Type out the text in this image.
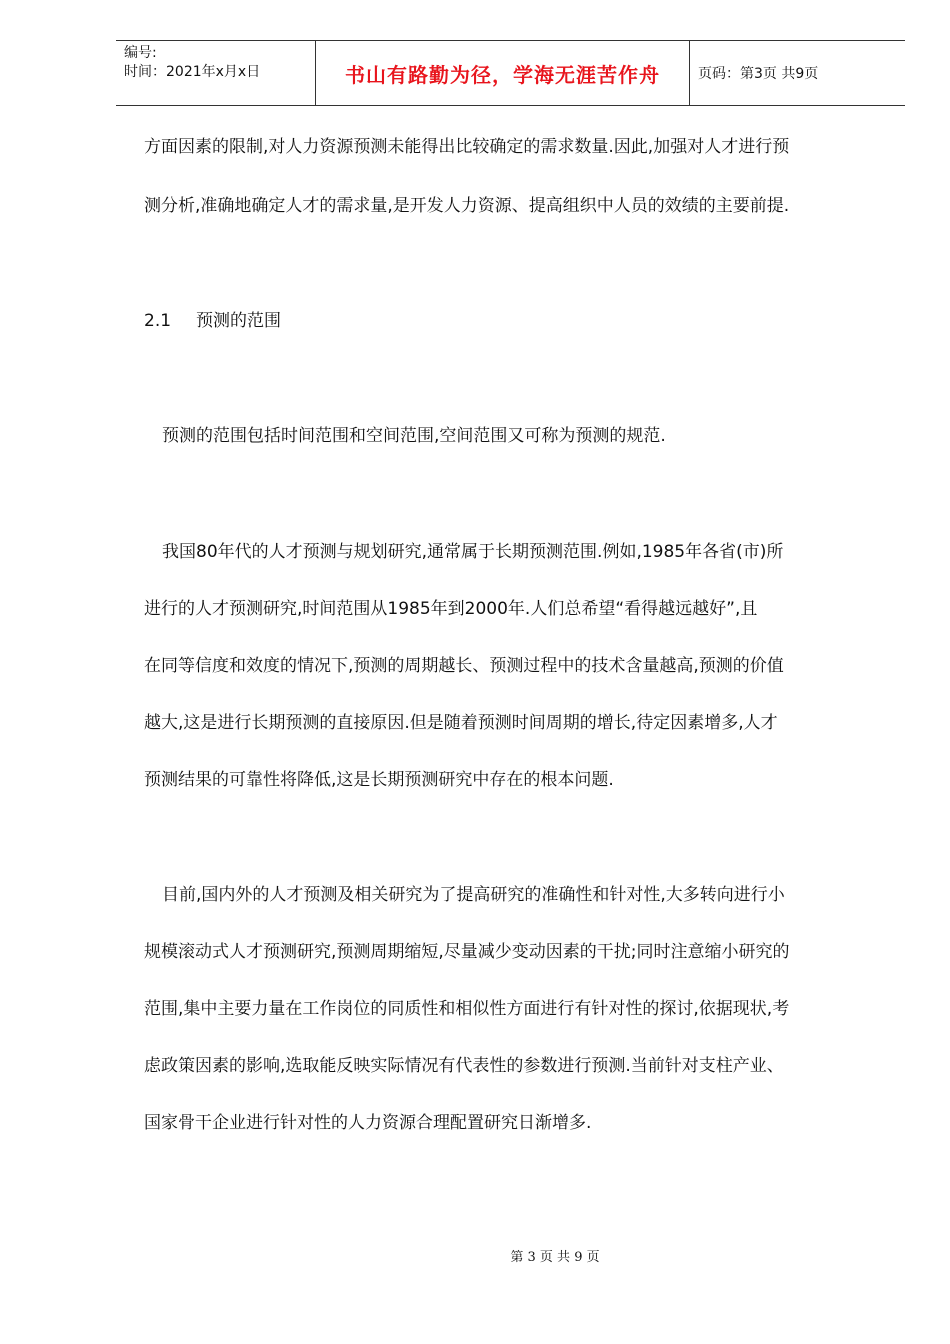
编号:
时间：2021年x月x日	书山有路勤为径，学海无涯苦作舟	页码：第3页 共9页
方面因素的限制,对人力资源预测未能得出比较确定的需求数量.因此,加强对人才进行预
测分析,准确地确定人才的需求量,是开发人力资源、提高组织中人员的效绩的主要前提.
2.1 预测的范围
预测的范围包括时间范围和空间范围,空间范围又可称为预测的规范.
我国80年代的人才预测与规划研究,通常属于长期预测范围.例如,1985年各省(市)所
进行的人才预测研究,时间范围从1985年到2000年.人们总希望“看得越远越好”,且
在同等信度和效度的情况下,预测的周期越长、预测过程中的技术含量越高,预测的价值
越大,这是进行长期预测的直接原因.但是随着预测时间周期的增长,待定因素增多,人才
预测结果的可靠性将降低,这是长期预测研究中存在的根本问题.
目前,国内外的人才预测及相关研究为了提高研究的准确性和针对性,大多转向进行小
规模滚动式人才预测研究,预测周期缩短,尽量减少变动因素的干扰;同时注意缩小研究的
范围,集中主要力量在工作岗位的同质性和相似性方面进行有针对性的探讨,依据现状,考
虑政策因素的影响,选取能反映实际情况有代表性的参数进行预测.当前针对支柱产业、
国家骨干企业进行针对性的人力资源合理配置研究日渐增多.
第 3 页 共 9 页
